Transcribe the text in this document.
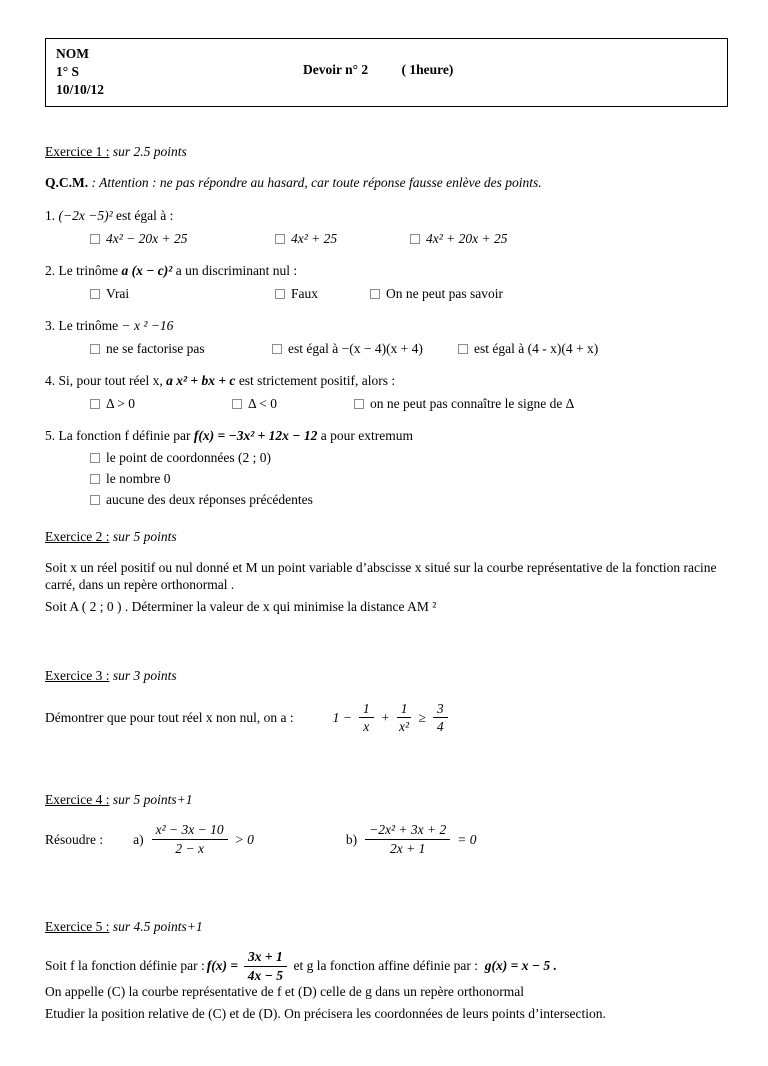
NOM
1° S
10/10/12
Devoir n° 2 ( 1heure)
Exercice 1 : sur 2.5 points
Q.C.M. : Attention : ne pas répondre au hasard, car toute réponse fausse enlève des points.
1. (−2x −5)² est égal à :
4x² − 20x + 25	4x² + 25	4x² + 20x + 25
2. Le trinôme a (x − c)² a un discriminant nul :
Vrai	Faux	On ne peut pas savoir
3. Le trinôme − x ² −16
ne se factorise pas	est égal à −(x − 4)(x + 4)	est égal à (4 - x)(4 + x)
4. Si, pour tout réel x, a x² + bx + c est strictement positif, alors :
Δ > 0	Δ < 0	on ne peut pas connaître le signe de Δ
5. La fonction f définie par f(x) = −3x² + 12x − 12 a pour extremum
le point de coordonnées (2 ; 0)
le nombre 0
aucune des deux réponses précédentes
Exercice 2 : sur 5 points

Soit x un réel positif ou nul donné et M un point variable d’abscisse x situé sur la courbe représentative de la fonction racine carré, dans un repère orthonormal .

Soit A ( 2 ; 0 ) . Déterminer la valeur de x qui minimise la distance AM ²

Exercice 3 : sur 3 points
Démontrer que pour tout réel x non nul, on a :	$1 - \frac{1}{x} + \frac{1}{\text{x²}} \ge \frac{3}{4}$
Exercice 4 : sur 5 points+1
Résoudre : $a) \frac{\text{x² − 3x − 10}}{2 - x} > 0$	$b) \frac{\text{−2x² + 3x + 2}}{2x + 1} = 0$
Exercice 5 : sur 4.5 points+1
Soit f la fonction définie par : $f(x) = \frac{3x + 1}{4x - 5}$ et g la fonction affine définie par : g(x) = x − 5 .

On appelle (C) la courbe représentative de f et (D) celle de g dans un repère orthonormal

Etudier la position relative de (C) et de (D). On précisera les coordonnées de leurs points d’intersection.
